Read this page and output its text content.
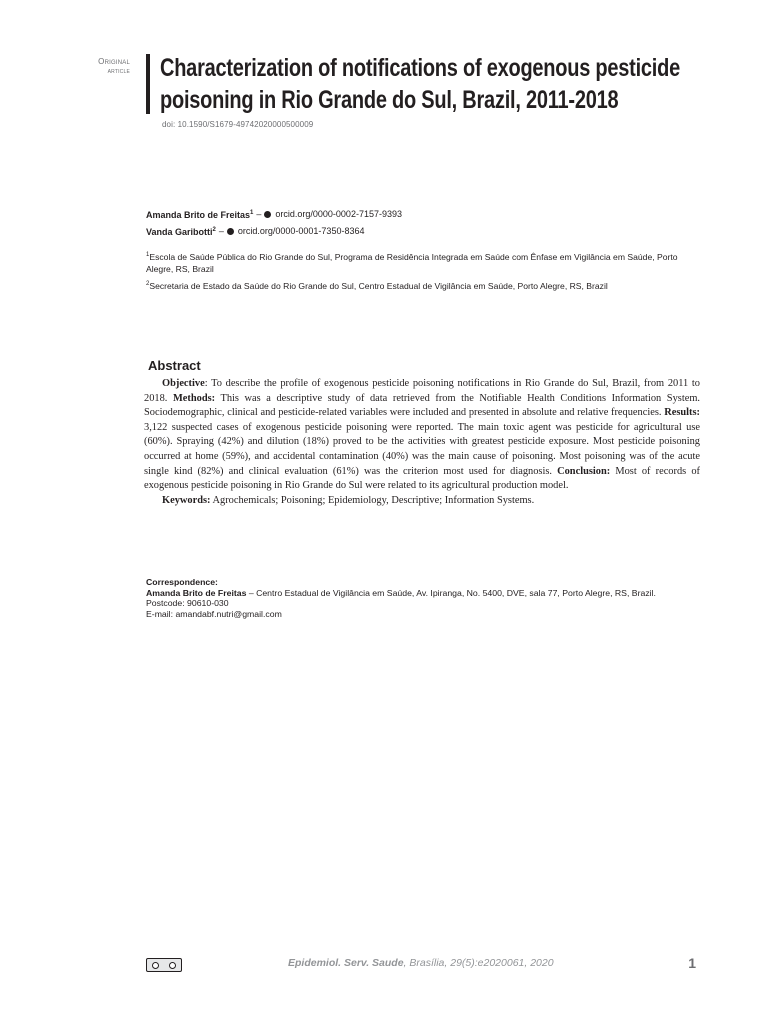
Original
article Characterization of notifications of exogenous pesticide
poisoning in Rio Grande do Sul, Brazil, 2011-2018
doi: 10.1590/S1679-49742020000500009
Amanda Brito de Freitas$^1$ – orcid.org/0000-0002-7157-9393
Vanda Garibotti$^2$ – orcid.org/0000-0001-7350-8364

$^1$Escola de Saúde Pública do Rio Grande do Sul, Programa de Residência Integrada em Saúde com Ênfase em Vigilância em Saúde, Porto Alegre, RS, Brazil

$^2$Secretaria de Estado da Saúde do Rio Grande do Sul, Centro Estadual de Vigilância em Saúde, Porto Alegre, RS, Brazil

Abstract

Objective: To describe the profile of exogenous pesticide poisoning notifications in Rio Grande do Sul, Brazil, from 2011 to 2018. Methods: This was a descriptive study of data retrieved from the Notifiable Health Conditions Information System. Sociodemographic, clinical and pesticide-related variables were included and presented in absolute and relative frequencies. Results: 3,122 suspected cases of exogenous pesticide poisoning were reported. The main toxic agent was pesticide for agricultural use (60%). Spraying (42%) and dilution (18%) proved to be the activities with greatest pesticide exposure. Most pesticide poisoning occurred at home (59%), and accidental contamination (40%) was the main cause of poisoning. Most poisoning was of the acute single kind (82%) and clinical evaluation (61%) was the criterion most used for diagnosis. Conclusion: Most of records of exogenous pesticide poisoning in Rio Grande do Sul were related to its agricultural production model.

Keywords: Agrochemicals; Poisoning; Epidemiology, Descriptive; Information Systems.

Correspondence:
Amanda Brito de Freitas – Centro Estadual de Vigilância em Saúde, Av. Ipiranga, No. 5400, DVE, sala 77, Porto Alegre, RS, Brazil.
Postcode: 90610-030
E-mail: amandabf.nutri@gmail.com
Epidemiol. Serv. Saude, Brasília, 29(5):e2020061, 2020	1
